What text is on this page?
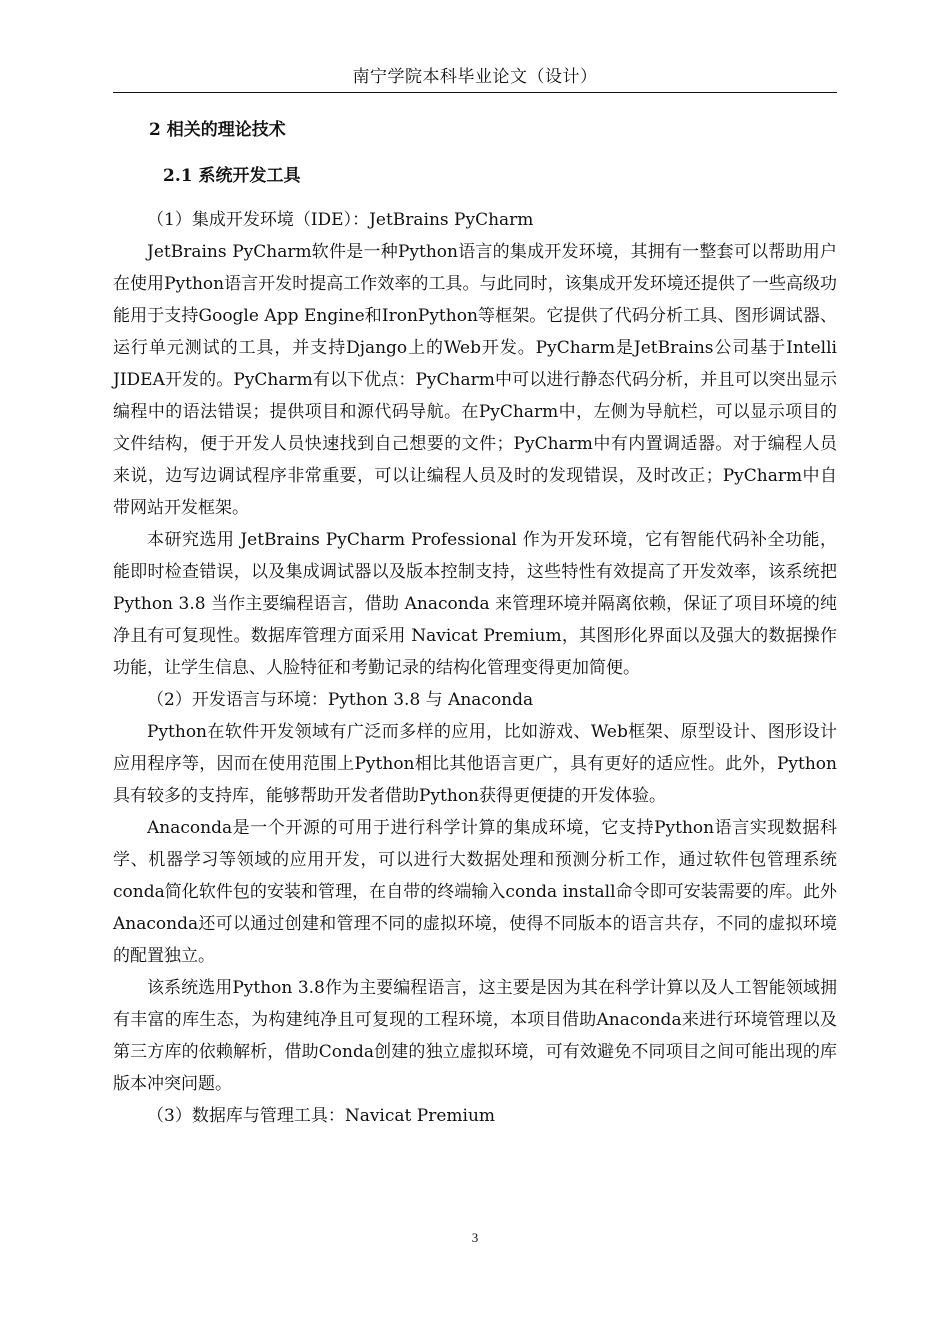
南宁学院本科毕业论文（设计）
2 相关的理论技术
2.1 系统开发工具

（1）集成开发环境（IDE）：JetBrains PyCharm

JetBrains PyCharm软件是一种Python语言的集成开发环境，其拥有一整套可以帮助用户在使用Python语言开发时提高工作效率的工具。与此同时，该集成开发环境还提供了一些高级功能用于支持Google App Engine和IronPython等框架。它提供了代码分析工具、图形调试器、运行单元测试的工具，并支持Django上的Web开发。PyCharm是JetBrains公司基于Intelli JIDEA开发的。PyCharm有以下优点：PyCharm中可以进行静态代码分析，并且可以突出显示编程中的语法错误；提供项目和源代码导航。在PyCharm中，左侧为导航栏，可以显示项目的文件结构，便于开发人员快速找到自己想要的文件；PyCharm中有内置调适器。对于编程人员来说，边写边调试程序非常重要，可以让编程人员及时的发现错误，及时改正；PyCharm中自带网站开发框架。

本研究选用 JetBrains PyCharm Professional 作为开发环境，它有智能代码补全功能，能即时检查错误，以及集成调试器以及版本控制支持，这些特性有效提高了开发效率，该系统把 Python 3.8 当作主要编程语言，借助 Anaconda 来管理环境并隔离依赖，保证了项目环境的纯净且有可复现性。数据库管理方面采用 Navicat Premium，其图形化界面以及强大的数据操作功能，让学生信息、人脸特征和考勤记录的结构化管理变得更加简便。

（2）开发语言与环境：Python 3.8 与 Anaconda

Python在软件开发领域有广泛而多样的应用，比如游戏、Web框架、原型设计、图形设计应用程序等，因而在使用范围上Python相比其他语言更广，具有更好的适应性。此外，Python具有较多的支持库，能够帮助开发者借助Python获得更便捷的开发体验。

Anaconda是一个开源的可用于进行科学计算的集成环境，它支持Python语言实现数据科学、机器学习等领域的应用开发，可以进行大数据处理和预测分析工作，通过软件包管理系统conda简化软件包的安装和管理，在自带的终端输入conda install命令即可安装需要的库。此外Anaconda还可以通过创建和管理不同的虚拟环境，使得不同版本的语言共存，不同的虚拟环境的配置独立。

该系统选用Python 3.8作为主要编程语言，这主要是因为其在科学计算以及人工智能领域拥有丰富的库生态，为构建纯净且可复现的工程环境，本项目借助Anaconda来进行环境管理以及第三方库的依赖解析，借助Conda创建的独立虚拟环境，可有效避免不同项目之间可能出现的库版本冲突问题。

（3）数据库与管理工具：Navicat Premium

3
